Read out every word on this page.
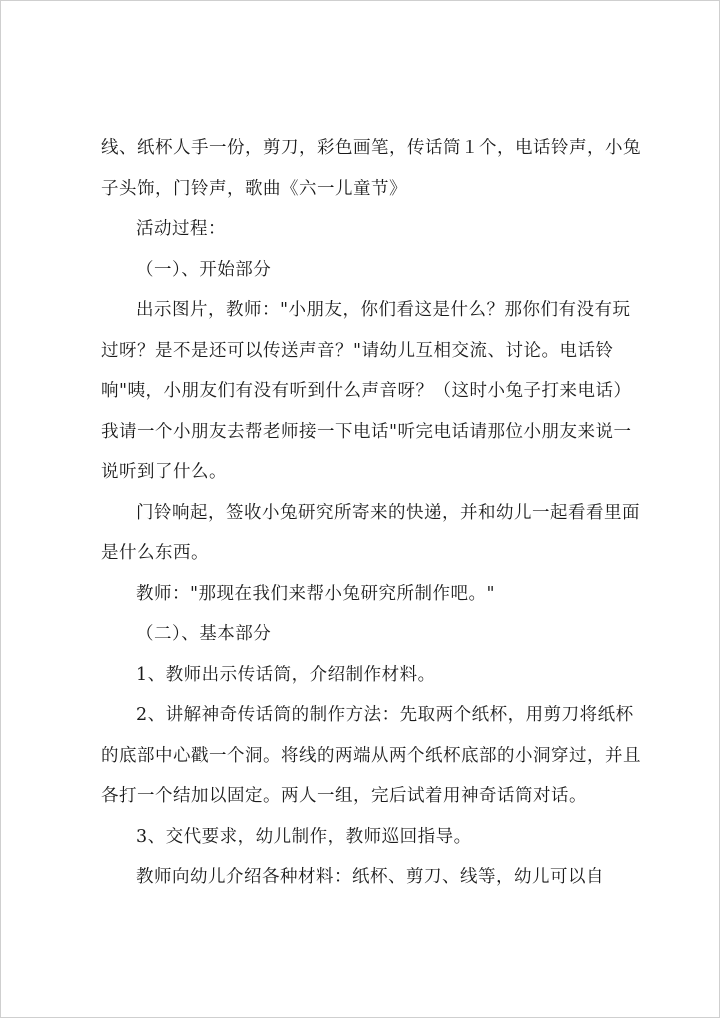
线、纸杯人手一份，剪刀，彩色画笔，传话筒１个，电话铃声，小兔子头饰，门铃声，歌曲《六一儿童节》

活动过程：

（一）、开始部分

出示图片，教师："小朋友，你们看这是什么？那你们有没有玩过呀？是不是还可以传送声音？"请幼儿互相交流、讨论。电话铃响"咦，小朋友们有没有听到什么声音呀？（这时小兔子打来电话）我请一个小朋友去帮老师接一下电话"听完电话请那位小朋友来说一说听到了什么。

门铃响起，签收小兔研究所寄来的快递，并和幼儿一起看看里面是什么东西。

教师："那现在我们来帮小兔研究所制作吧。"

（二）、基本部分

1、教师出示传话筒，介绍制作材料。

2、讲解神奇传话筒的制作方法：先取两个纸杯，用剪刀将纸杯的底部中心戳一个洞。将线的两端从两个纸杯底部的小洞穿过，并且各打一个结加以固定。两人一组，完后试着用神奇话筒对话。

3、交代要求，幼儿制作，教师巡回指导。

教师向幼儿介绍各种材料：纸杯、剪刀、线等，幼儿可以自
